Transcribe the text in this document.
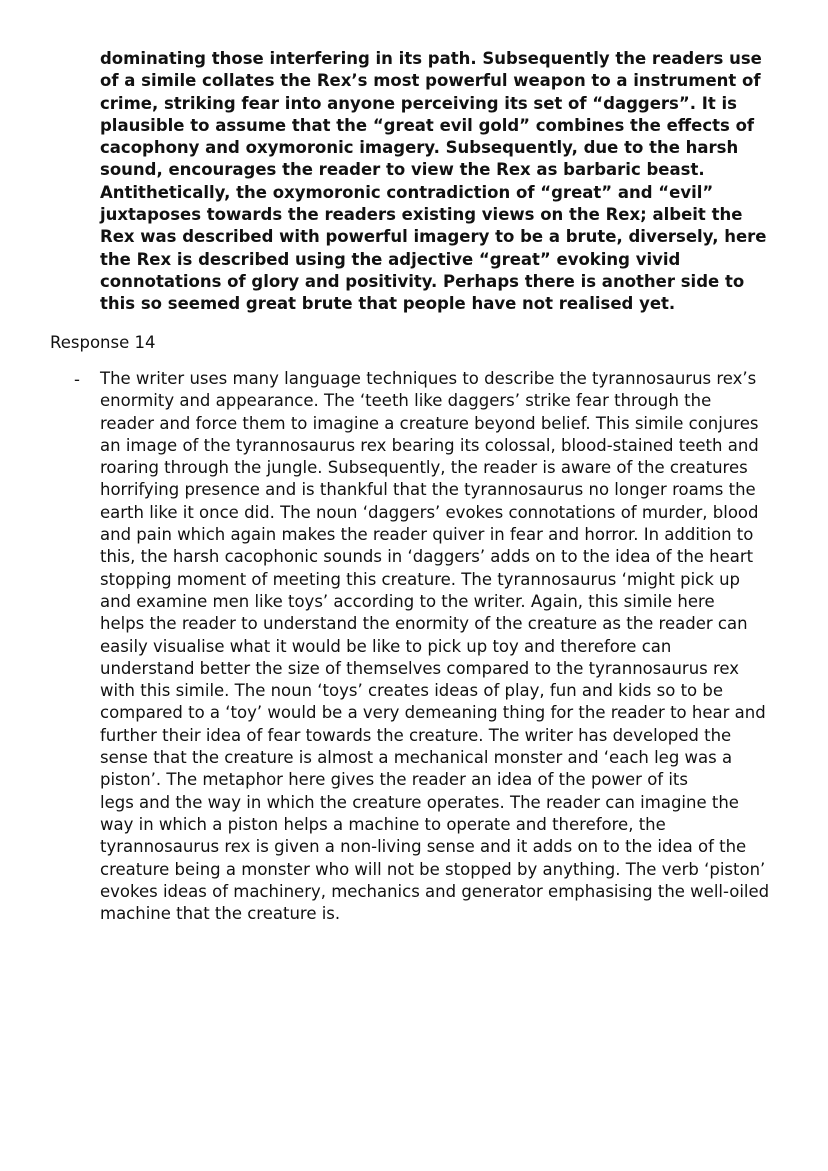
dominating those interfering in its path. Subsequently the readers use
of a simile collates the Rex’s most powerful weapon to a instrument of
crime, striking fear into anyone perceiving its set of “daggers”. It is
plausible to assume that the “great evil gold” combines the effects of
cacophony and oxymoronic imagery. Subsequently, due to the harsh
sound, encourages the reader to view the Rex as barbaric beast.
Antithetically, the oxymoronic contradiction of “great” and “evil”
juxtaposes towards the readers existing views on the Rex; albeit the
Rex was described with powerful imagery to be a brute, diversely, here
the Rex is described using the adjective “great” evoking vivid
connotations of glory and positivity. Perhaps there is another side to
this so seemed great brute that people have not realised yet.
Response 14
- The writer uses many language techniques to describe the tyrannosaurus rex’s
enormity and appearance. The ‘teeth like daggers’ strike fear through the
reader and force them to imagine a creature beyond belief. This simile conjures
an image of the tyrannosaurus rex bearing its colossal, blood-stained teeth and
roaring through the jungle. Subsequently, the reader is aware of the creatures
horrifying presence and is thankful that the tyrannosaurus no longer roams the
earth like it once did. The noun ‘daggers’ evokes connotations of murder, blood
and pain which again makes the reader quiver in fear and horror. In addition to
this, the harsh cacophonic sounds in ‘daggers’ adds on to the idea of the heart
stopping moment of meeting this creature. The tyrannosaurus ‘might pick up
and examine men like toys’ according to the writer. Again, this simile here
helps the reader to understand the enormity of the creature as the reader can
easily visualise what it would be like to pick up toy and therefore can
understand better the size of themselves compared to the tyrannosaurus rex
with this simile. The noun ‘toys’ creates ideas of play, fun and kids so to be
compared to a ‘toy’ would be a very demeaning thing for the reader to hear and
further their idea of fear towards the creature. The writer has developed the
sense that the creature is almost a mechanical monster and ‘each leg was a
piston’. The metaphor here gives the reader an idea of the power of its
legs and the way in which the creature operates. The reader can imagine the
way in which a piston helps a machine to operate and therefore, the
tyrannosaurus rex is given a non-living sense and it adds on to the idea of the
creature being a monster who will not be stopped by anything. The verb ‘piston’
evokes ideas of machinery, mechanics and generator emphasising the well-oiled
machine that the creature is.
